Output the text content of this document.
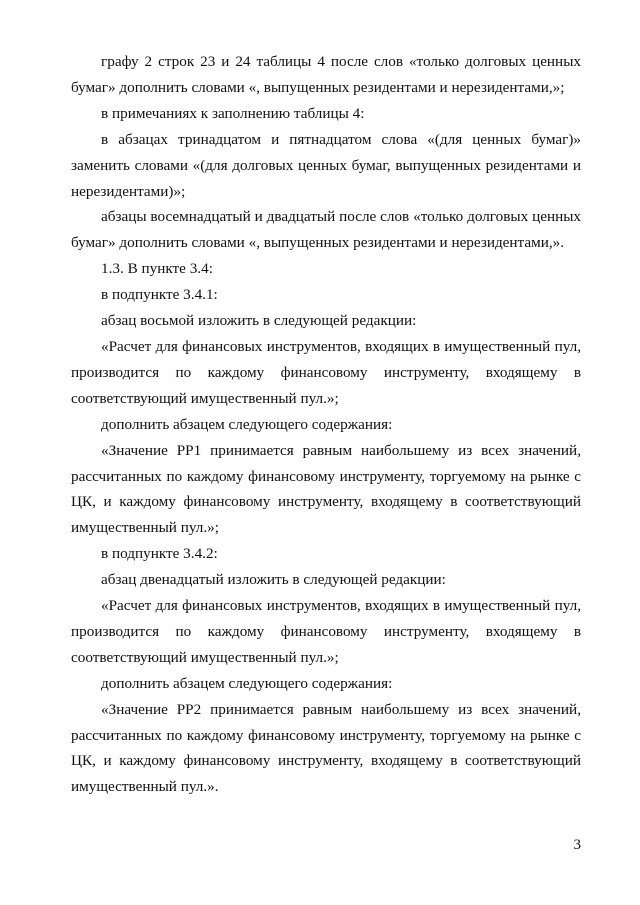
графу 2 строк 23 и 24 таблицы 4 после слов «только долговых ценных бумаг» дополнить словами «, выпущенных резидентами и нерезидентами,»;

в примечаниях к заполнению таблицы 4:

в абзацах тринадцатом и пятнадцатом слова «(для ценных бумаг)» заменить словами «(для долговых ценных бумаг, выпущенных резидентами и нерезидентами)»;

абзацы восемнадцатый и двадцатый после слов «только долговых ценных бумаг» дополнить словами «, выпущенных резидентами и нерезидентами,».

1.3. В пункте 3.4:

в подпункте 3.4.1:

абзац восьмой изложить в следующей редакции:

«Расчет для финансовых инструментов, входящих в имущественный пул, производится по каждому финансовому инструменту, входящему в соответствующий имущественный пул.»;

дополнить абзацем следующего содержания:

«Значение PP1 принимается равным наибольшему из всех значений, рассчитанных по каждому финансовому инструменту, торгуемому на рынке с ЦК, и каждому финансовому инструменту, входящему в соответствующий имущественный пул.»;

в подпункте 3.4.2:

абзац двенадцатый изложить в следующей редакции:

«Расчет для финансовых инструментов, входящих в имущественный пул, производится по каждому финансовому инструменту, входящему в соответствующий имущественный пул.»;

дополнить абзацем следующего содержания:

«Значение PP2 принимается равным наибольшему из всех значений, рассчитанных по каждому финансовому инструменту, торгуемому на рынке с ЦК, и каждому финансовому инструменту, входящему в соответствующий имущественный пул.».

3
